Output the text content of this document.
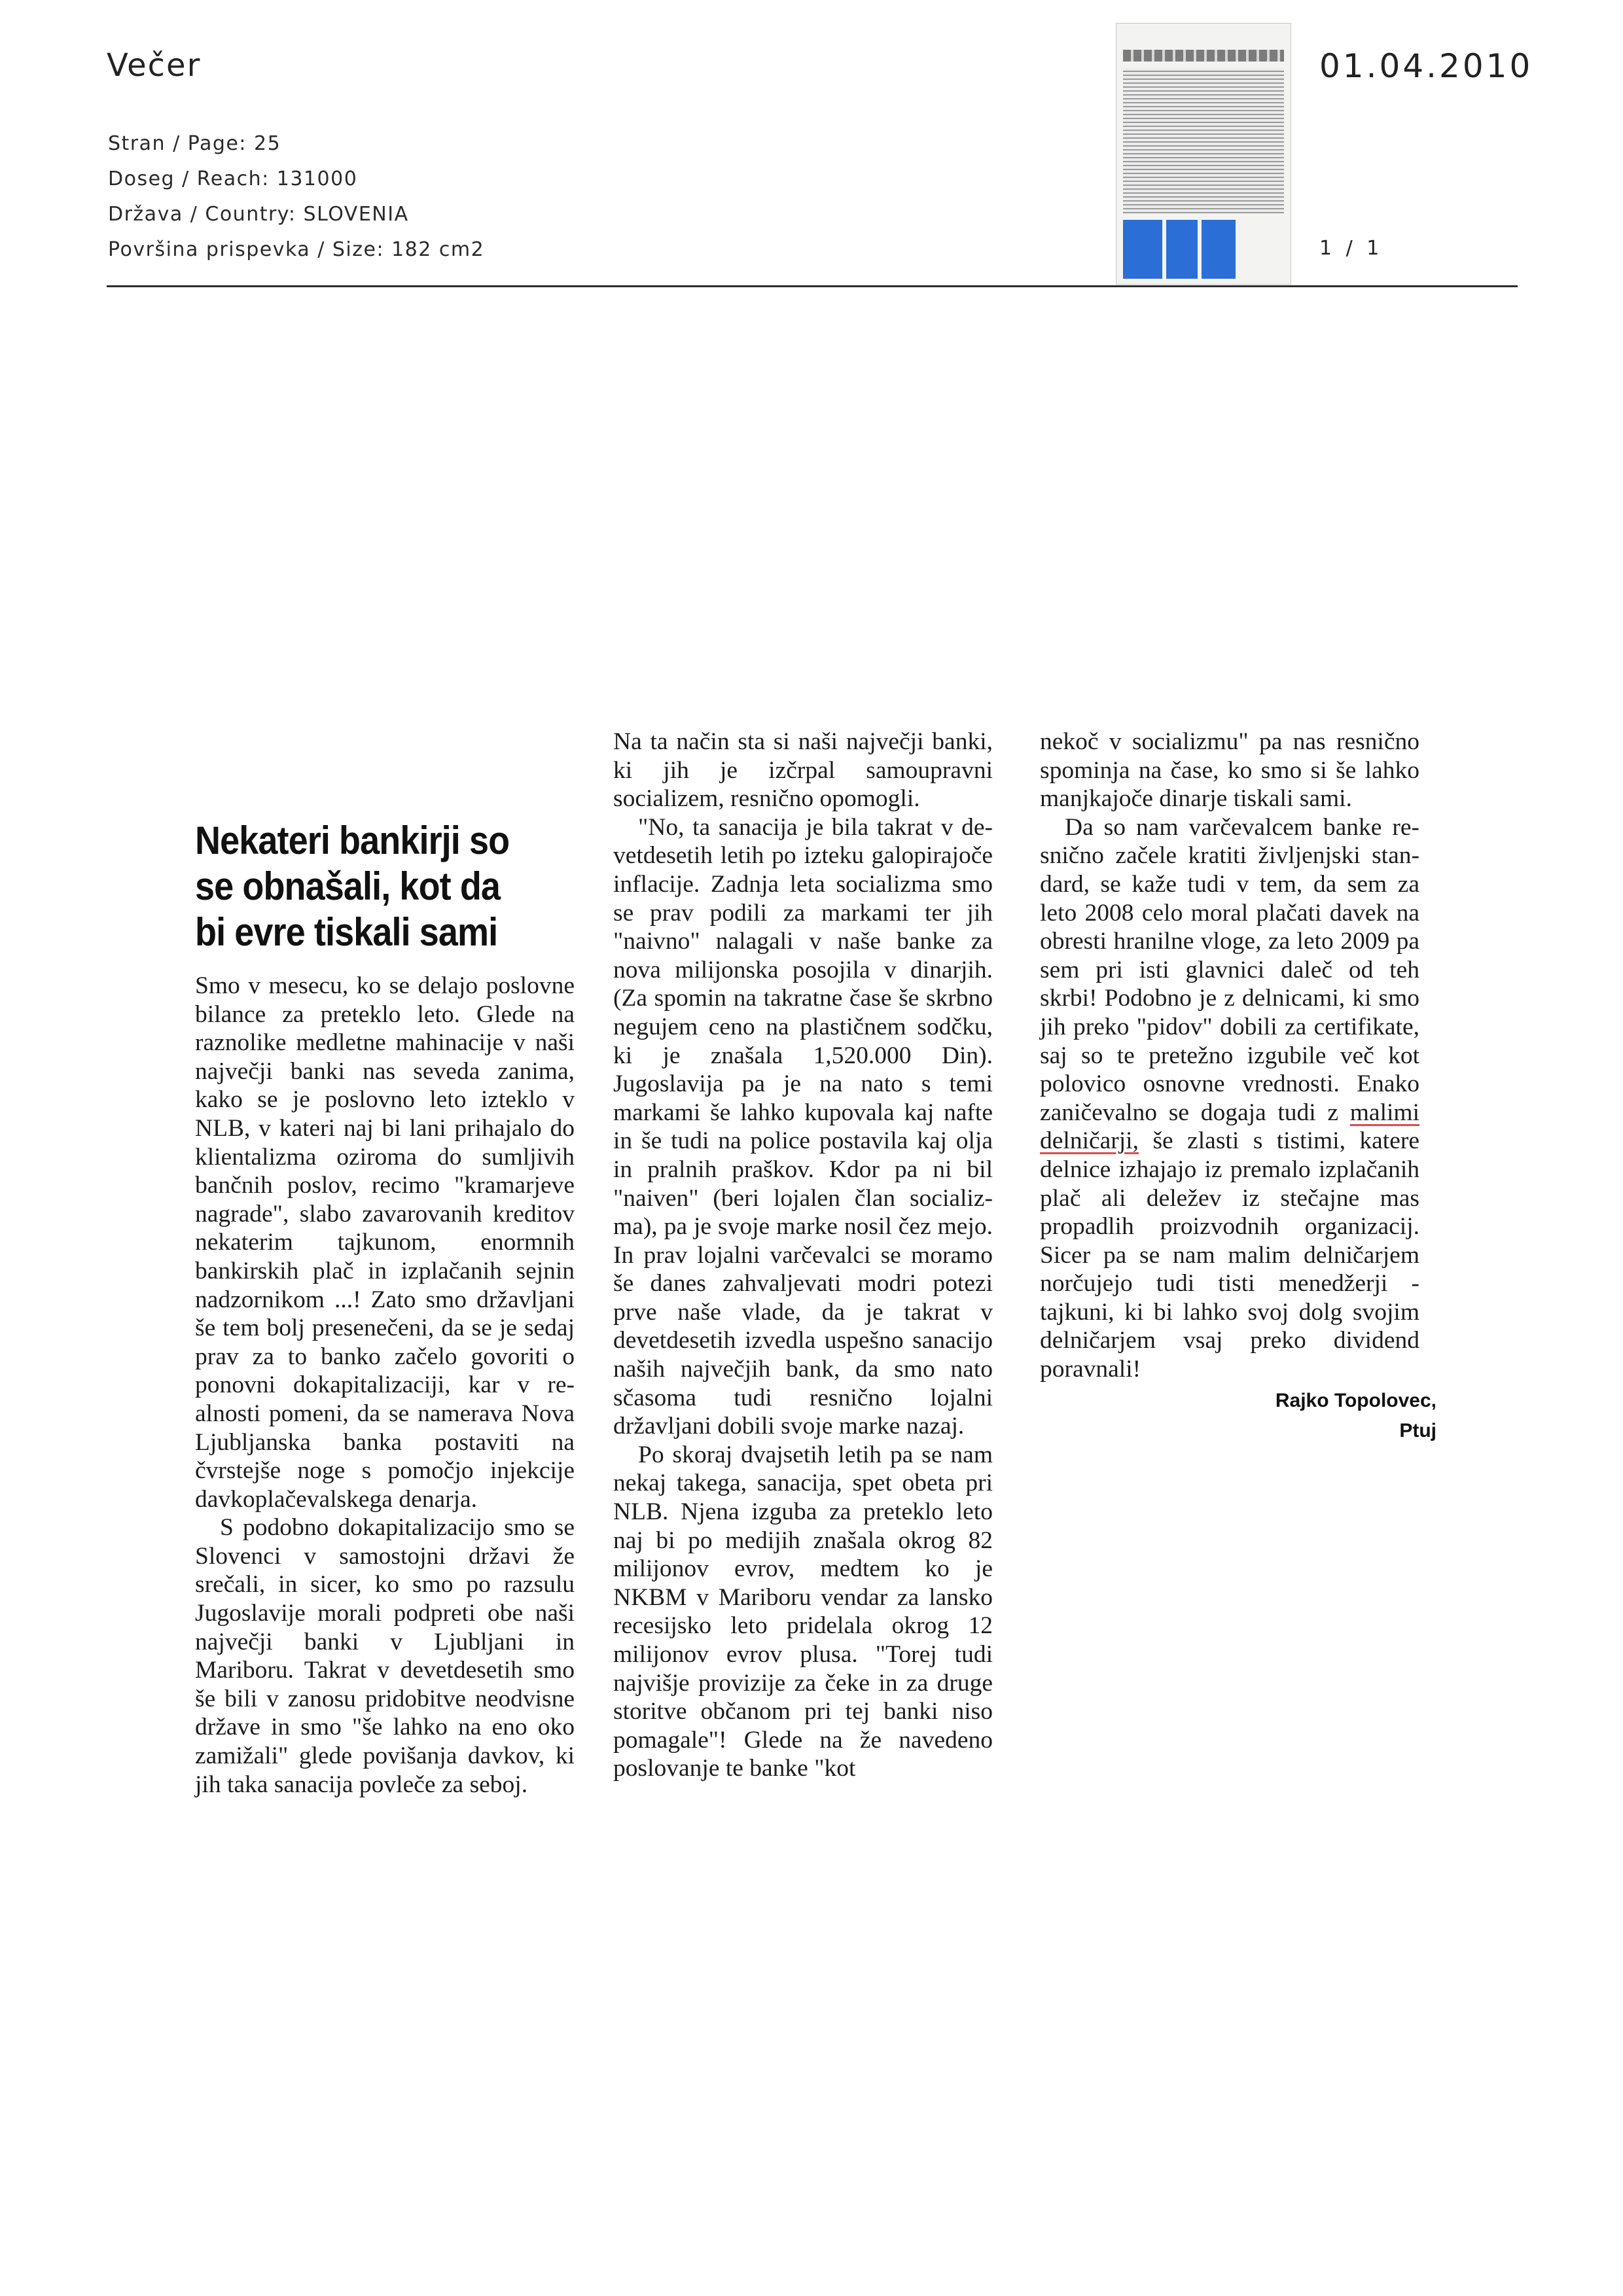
Večer	01.04.2010
Stran / Page: 25
Doseg / Reach: 131000
Država / Country: SLOVENIA
Površina prispevka / Size: 182 cm2	1 / 1
Nekateri bankirji so se obnašali, kot da bi evre tiskali sami

Smo v mesecu, ko se delajo poslovne bilance za preteklo leto. Glede na raznolike medletne mahinacije v naši največji banki nas seveda zanima, kako se je poslovno leto izteklo v NLB, v kateri naj bi lani prihajalo do klientalizma oziroma do sumljivih bančnih poslov, recimo "kramarjeve nagrade", slabo zavarovanih kreditov nekaterim tajkunom, enormnih bankirskih plač in izplačanih sejnin nadzornikom ...! Zato smo državljani še tem bolj presenečeni, da se je sedaj prav za to banko začelo govoriti o ponovni dokapitalizaciji, kar v realnosti pomeni, da se namerava Nova Ljubljanska banka postaviti na čvrstejše noge s pomočjo injekcije davkoplačevalskega denarja.

S podobno dokapitalizacijo smo se Slovenci v samostojni državi že srečali, in sicer, ko smo po razsulu Jugoslavije morali podpreti obe naši največji banki v Ljubljani in Mariboru. Takrat v devetdesetih smo še bili v zanosu pridobitve neodvisne države in smo "še lahko na eno oko zamižali" glede povišanja davkov, ki jih taka sanacija povleče za seboj.

Na ta način sta si naši največji banki, ki jih je izčrpal samoupravni socializem, resnično opomogli.

"No, ta sanacija je bila takrat v devetdesetih letih po izteku galopirajoče inflacije. Zadnja leta socializma smo se prav podili za markami ter jih "naivno" nalagali v naše banke za nova milijonska posojila v dinarjih. (Za spomin na takratne čase še skrbno negujem ceno na plastičnem sodčku, ki je znašala 1,520.000 Din). Jugoslavija pa je na nato s temi markami še lahko kupovala kaj nafte in še tudi na police postavila kaj olja in pralnih praškov. Kdor pa ni bil "naiven" (beri lojalen član socializma), pa je svoje marke nosil čez mejo. In prav lojalni varčevalci se moramo še danes zahvaljevati modri potezi prve naše vlade, da je takrat v devetdesetih izvedla uspešno sanacijo naših največjih bank, da smo nato sčasoma tudi resnično lojalni državljani dobili svoje marke nazaj.

Po skoraj dvajsetih letih pa se nam nekaj takega, sanacija, spet obeta pri NLB. Njena izguba za preteklo leto naj bi po medijih znašala okrog 82 milijonov evrov, medtem ko je NKBM v Mariboru vendar za lansko recesijsko leto pridelala okrog 12 milijonov evrov plusa. "Torej tudi najvišje provizije za čeke in za druge storitve občanom pri tej banki niso pomagale"! Glede na že navedeno poslovanje te banke "kot

nekoč v socializmu" pa nas resnično spominja na čase, ko smo si še lahko manjkajoče dinarje tiskali sami.

Da so nam varčevalcem banke resnično začele kratiti življenjski standard, se kaže tudi v tem, da sem za leto 2008 celo moral plačati davek na obresti hranilne vloge, za leto 2009 pa sem pri isti glavnici daleč od teh skrbi! Podobno je z delnicami, ki smo jih preko "pidov" dobili za certifikate, saj so te pretežno izgubile več kot polovico osnovne vrednosti. Enako zaničevalno se dogaja tudi z malimi delničarji, še zlasti s tistimi, katere delnice izhajajo iz premalo izplačanih plač ali deležev iz stečajne mas propadlih proizvodnih organizacij. Sicer pa se nam malim delničarjem norčujejo tudi tisti menedžerji - tajkuni, ki bi lahko svoj dolg svojim delničarjem vsaj preko dividend poravnali!

Rajko Topolovec,
Ptuj
